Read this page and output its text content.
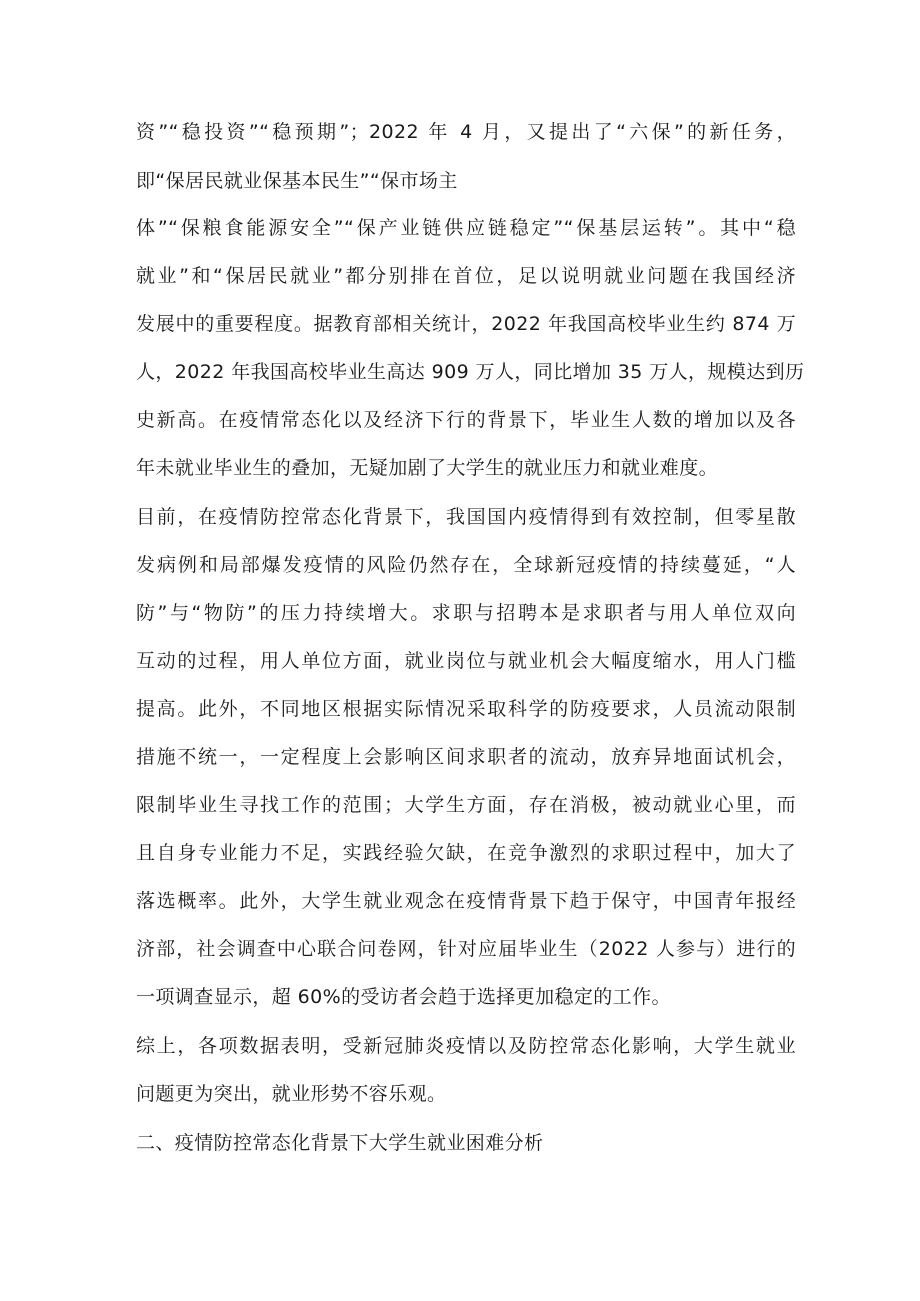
资”“稳投资”“稳预期”；2022 年 4 月，又提出了“六保”的新任务，
即“保居民就业保基本民生”“保市场主
体”“保粮食能源安全”“保产业链供应链稳定”“保基层运转”。其中“稳
就业”和“保居民就业”都分别排在首位，足以说明就业问题在我国经济
发展中的重要程度。据教育部相关统计，2022 年我国高校毕业生约 874 万
人，2022 年我国高校毕业生高达 909 万人，同比增加 35 万人，规模达到历
史新高。在疫情常态化以及经济下行的背景下，毕业生人数的增加以及各
年未就业毕业生的叠加，无疑加剧了大学生的就业压力和就业难度。
目前，在疫情防控常态化背景下，我国国内疫情得到有效控制，但零星散
发病例和局部爆发疫情的风险仍然存在，全球新冠疫情的持续蔓延，“人
防”与“物防”的压力持续增大。求职与招聘本是求职者与用人单位双向
互动的过程，用人单位方面，就业岗位与就业机会大幅度缩水，用人门槛
提高。此外，不同地区根据实际情况采取科学的防疫要求，人员流动限制
措施不统一，一定程度上会影响区间求职者的流动，放弃异地面试机会，
限制毕业生寻找工作的范围；大学生方面，存在消极，被动就业心里，而
且自身专业能力不足，实践经验欠缺，在竞争激烈的求职过程中，加大了
落选概率。此外，大学生就业观念在疫情背景下趋于保守，中国青年报经
济部，社会调查中心联合问卷网，针对应届毕业生（2022 人参与）进行的
一项调查显示，超 60%的受访者会趋于选择更加稳定的工作。
综上，各项数据表明，受新冠肺炎疫情以及防控常态化影响，大学生就业
问题更为突出，就业形势不容乐观。
二、疫情防控常态化背景下大学生就业困难分析
